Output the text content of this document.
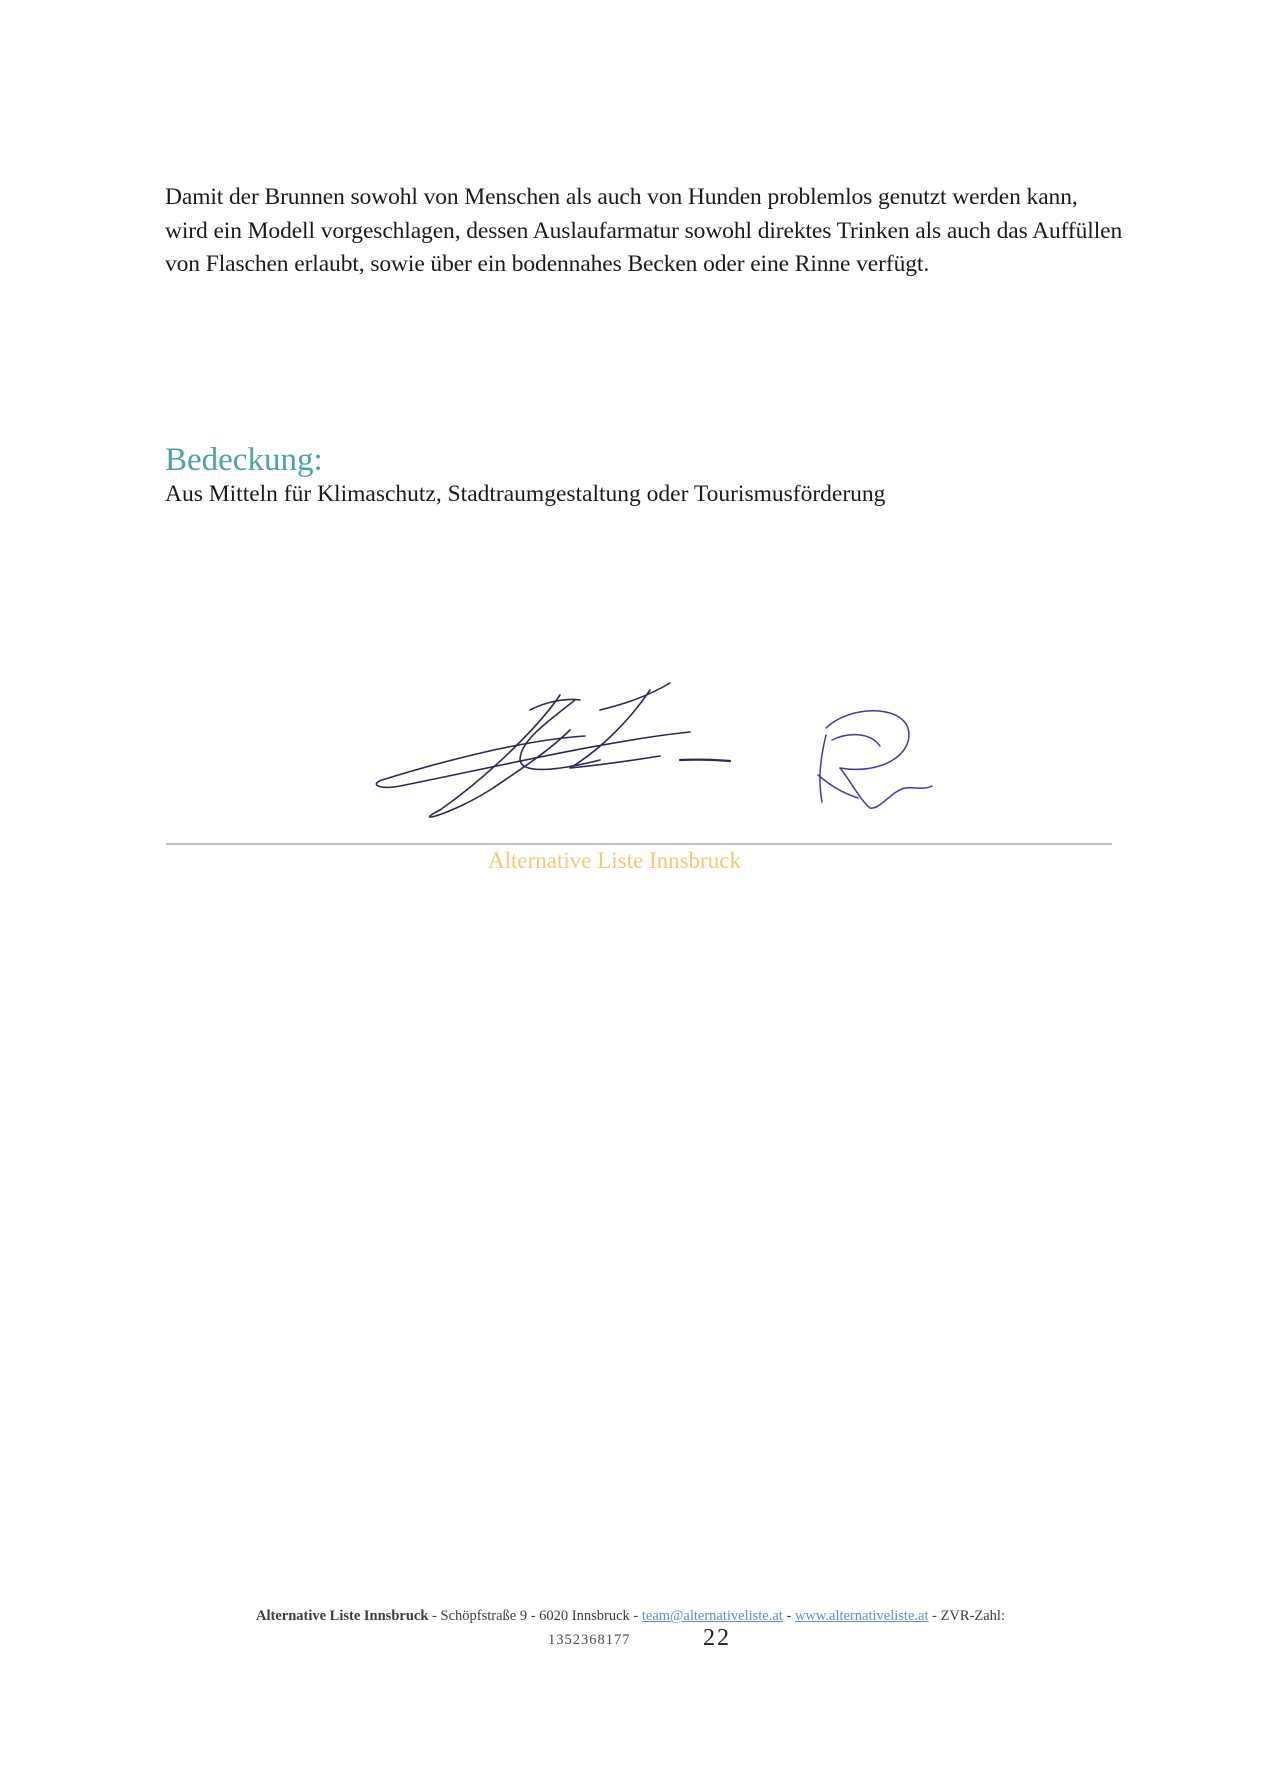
Damit der Brunnen sowohl von Menschen als auch von Hunden problemlos genutzt werden kann, wird ein Modell vorgeschlagen, dessen Auslaufarmatur sowohl direktes Trinken als auch das Auffüllen von Flaschen erlaubt, sowie über ein bodennahes Becken oder eine Rinne verfügt.

Bedeckung:

Aus Mitteln für Klimaschutz, Stadtraumgestaltung oder Tourismusförderung

Alternative Liste Innsbruck

Alternative Liste Innsbruck - Schöpfstraße 9 - 6020 Innsbruck - team@alternativeliste.at - www.alternativeliste.at - ZVR-Zahl:
1352368177	22
